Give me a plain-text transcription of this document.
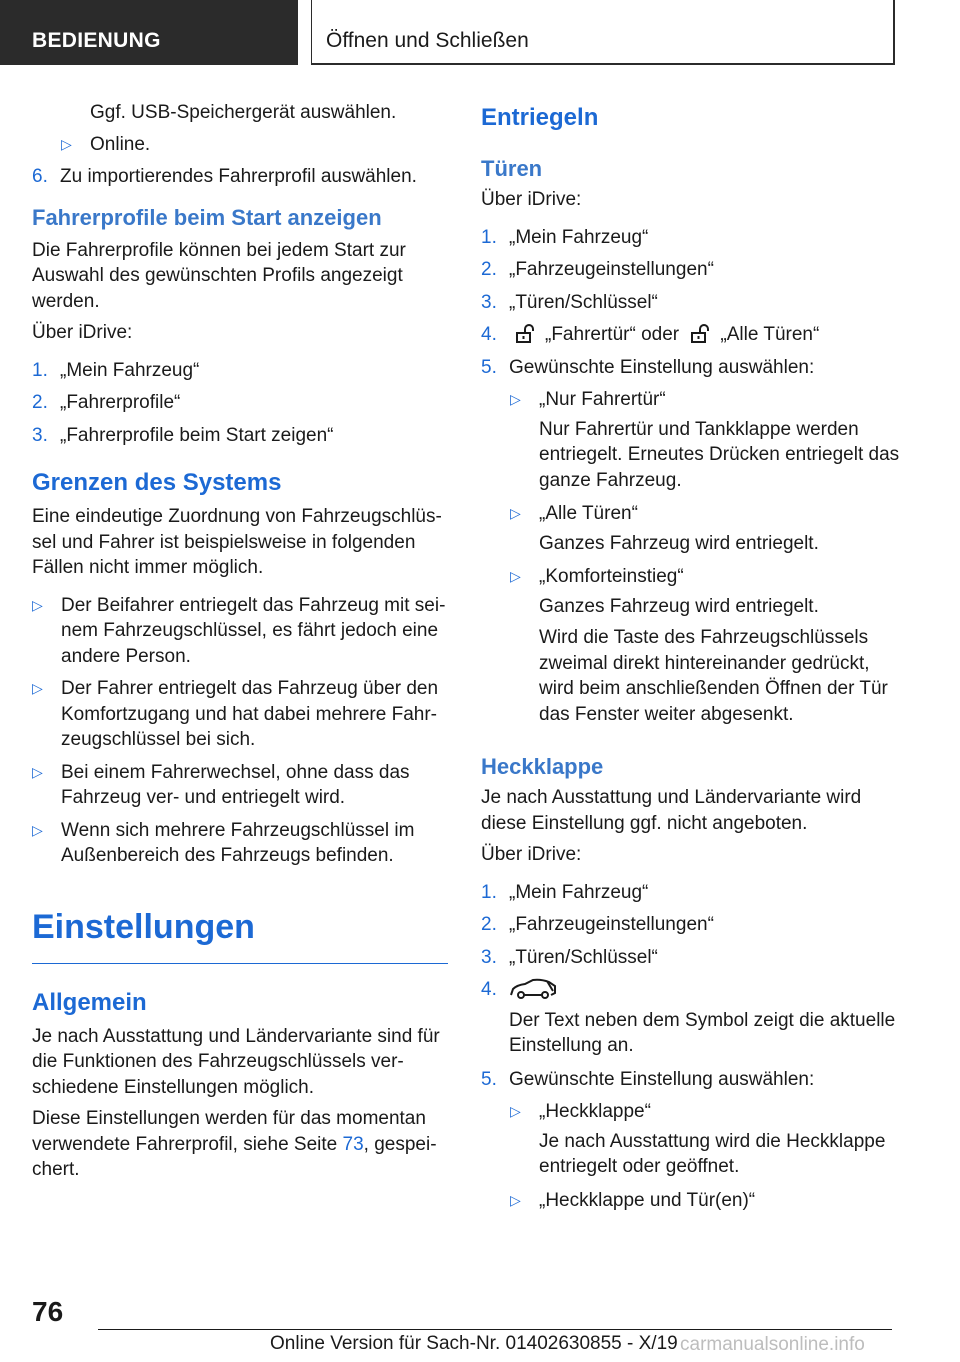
BEDIENUNG	Öffnen und Schließen
Ggf. USB-Speichergerät auswählen.
▷ Online.
6. Zu importierendes Fahrerprofil auswählen.
Fahrerprofile beim Start anzeigen

Die Fahrerprofile können bei jedem Start zur Auswahl des gewünschten Profils angezeigt werden.

Über iDrive:

1. „Mein Fahrzeug“
2. „Fahrerprofile“
3. „Fahrerprofile beim Start zeigen“
Grenzen des Systems

Eine eindeutige Zuordnung von Fahrzeugschlüssel und Fahrer ist beispielsweise in folgenden Fällen nicht immer möglich.

▷ Der Beifahrer entriegelt das Fahrzeug mit seinem Fahrzeugschlüssel, es fährt jedoch eine andere Person.
▷ Der Fahrer entriegelt das Fahrzeug über den Komfortzugang und hat dabei mehrere Fahrzeugschlüssel bei sich.
▷ Bei einem Fahrerwechsel, ohne dass das Fahrzeug ver- und entriegelt wird.
▷ Wenn sich mehrere Fahrzeugschlüssel im Außenbereich des Fahrzeugs befinden.
Einstellungen
Allgemein

Je nach Ausstattung und Ländervariante sind für die Funktionen des Fahrzeugschlüssels verschiedene Einstellungen möglich.

Diese Einstellungen werden für das momentan verwendete Fahrerprofil, siehe Seite 73, gespeichert.

Entriegeln
Türen

Über iDrive:

1. „Mein Fahrzeug“
2. „Fahrzeugeinstellungen“
3. „Türen/Schlüssel“
4.	„Fahrertür“ oder „Alle Türen“
5. Gewünschte Einstellung auswählen:
▷ „Nur Fahrertür“

Nur Fahrertür und Tankklappe werden entriegelt. Erneutes Drücken entriegelt das ganze Fahrzeug.

▷ „Alle Türen“

Ganzes Fahrzeug wird entriegelt.

▷ „Komforteinstieg“

Ganzes Fahrzeug wird entriegelt.

Wird die Taste des Fahrzeugschlüssels zweimal direkt hintereinander gedrückt, wird beim anschließenden Öffnen der Tür das Fenster weiter abgesenkt.

Heckklappe

Je nach Ausstattung und Ländervariante wird diese Einstellung ggf. nicht angeboten.

Über iDrive:

1. „Mein Fahrzeug“
2. „Fahrzeugeinstellungen“
3. „Türen/Schlüssel“
4.

Der Text neben dem Symbol zeigt die aktuelle Einstellung an.

5. Gewünschte Einstellung auswählen:
▷ „Heckklappe“

Je nach Ausstattung wird die Heckklappe entriegelt oder geöffnet.

▷ „Heckklappe und Tür(en)“
76
Online Version für Sach-Nr. 01402630855 - X/19 carmanualsonline.info
